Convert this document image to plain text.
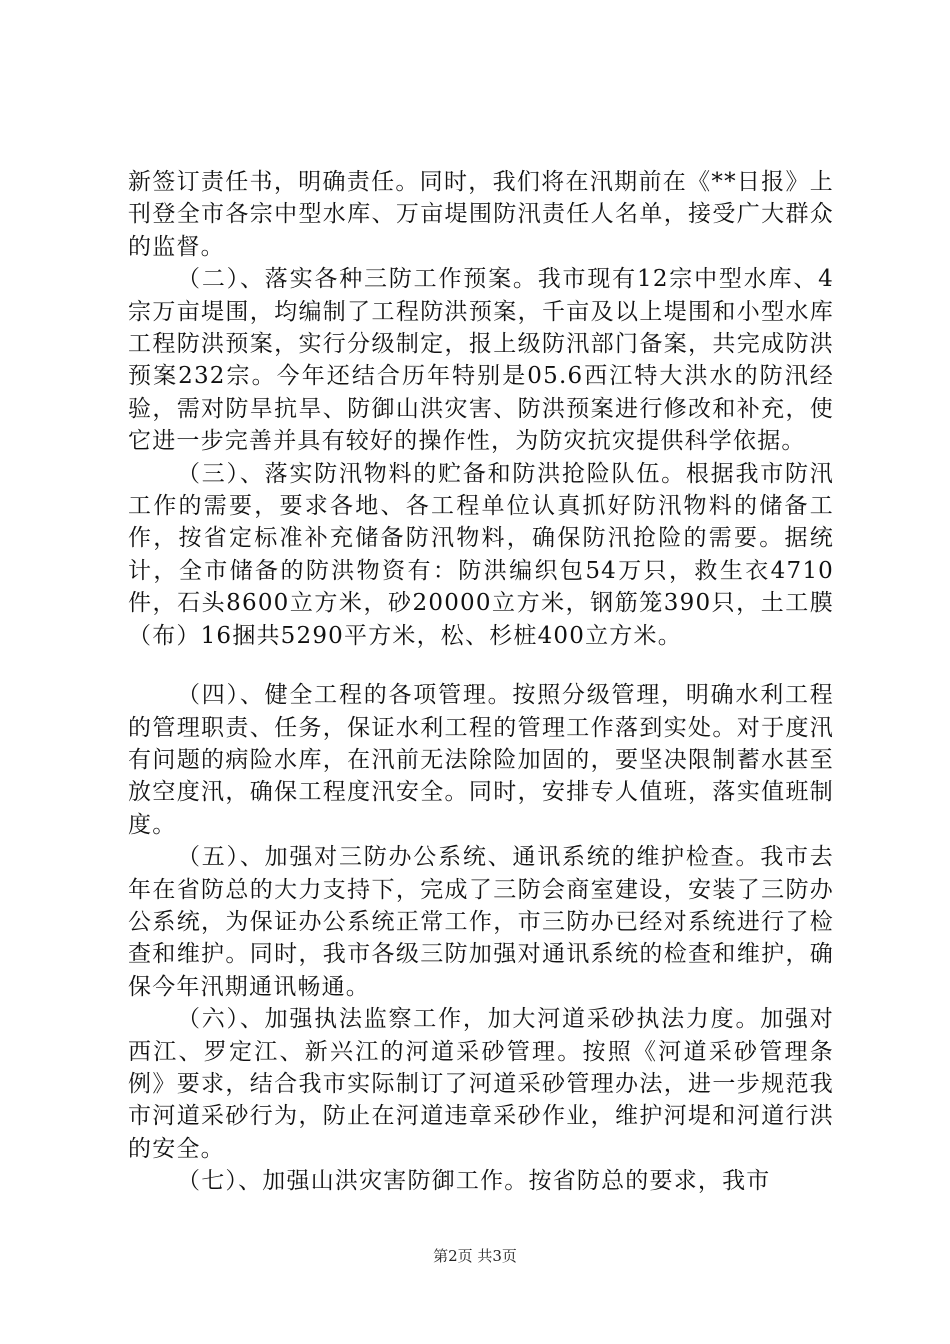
新签订责任书，明确责任。同时，我们将在汛期前在《**日报》上刊登全市各宗中型水库、万亩堤围防汛责任人名单，接受广大群众的监督。

（二）、落实各种三防工作预案。我市现有12宗中型水库、4宗万亩堤围，均编制了工程防洪预案，千亩及以上堤围和小型水库工程防洪预案，实行分级制定，报上级防汛部门备案，共完成防洪预案232宗。今年还结合历年特别是05.6西江特大洪水的防汛经验，需对防旱抗旱、防御山洪灾害、防洪预案进行修改和补充，使它进一步完善并具有较好的操作性，为防灾抗灾提供科学依据。

（三）、落实防汛物料的贮备和防洪抢险队伍。根据我市防汛工作的需要，要求各地、各工程单位认真抓好防汛物料的储备工作，按省定标准补充储备防汛物料，确保防汛抢险的需要。据统计，全市储备的防洪物资有：防洪编织包54万只，救生衣4710件，石头8600立方米，砂20000立方米，钢筋笼390只，土工膜（布）16捆共5290平方米，松、杉桩400立方米。

（四）、健全工程的各项管理。按照分级管理，明确水利工程的管理职责、任务，保证水利工程的管理工作落到实处。对于度汛有问题的病险水库，在汛前无法除险加固的，要坚决限制蓄水甚至放空度汛，确保工程度汛安全。同时，安排专人值班，落实值班制度。

（五）、加强对三防办公系统、通讯系统的维护检查。我市去年在省防总的大力支持下，完成了三防会商室建设，安装了三防办公系统，为保证办公系统正常工作，市三防办已经对系统进行了检查和维护。同时，我市各级三防加强对通讯系统的检查和维护，确保今年汛期通讯畅通。

（六）、加强执法监察工作，加大河道采砂执法力度。加强对西江、罗定江、新兴江的河道采砂管理。按照《河道采砂管理条例》要求，结合我市实际制订了河道采砂管理办法，进一步规范我市河道采砂行为，防止在河道违章采砂作业，维护河堤和河道行洪的安全。

（七）、加强山洪灾害防御工作。按省防总的要求，我市

第2页 共3页
